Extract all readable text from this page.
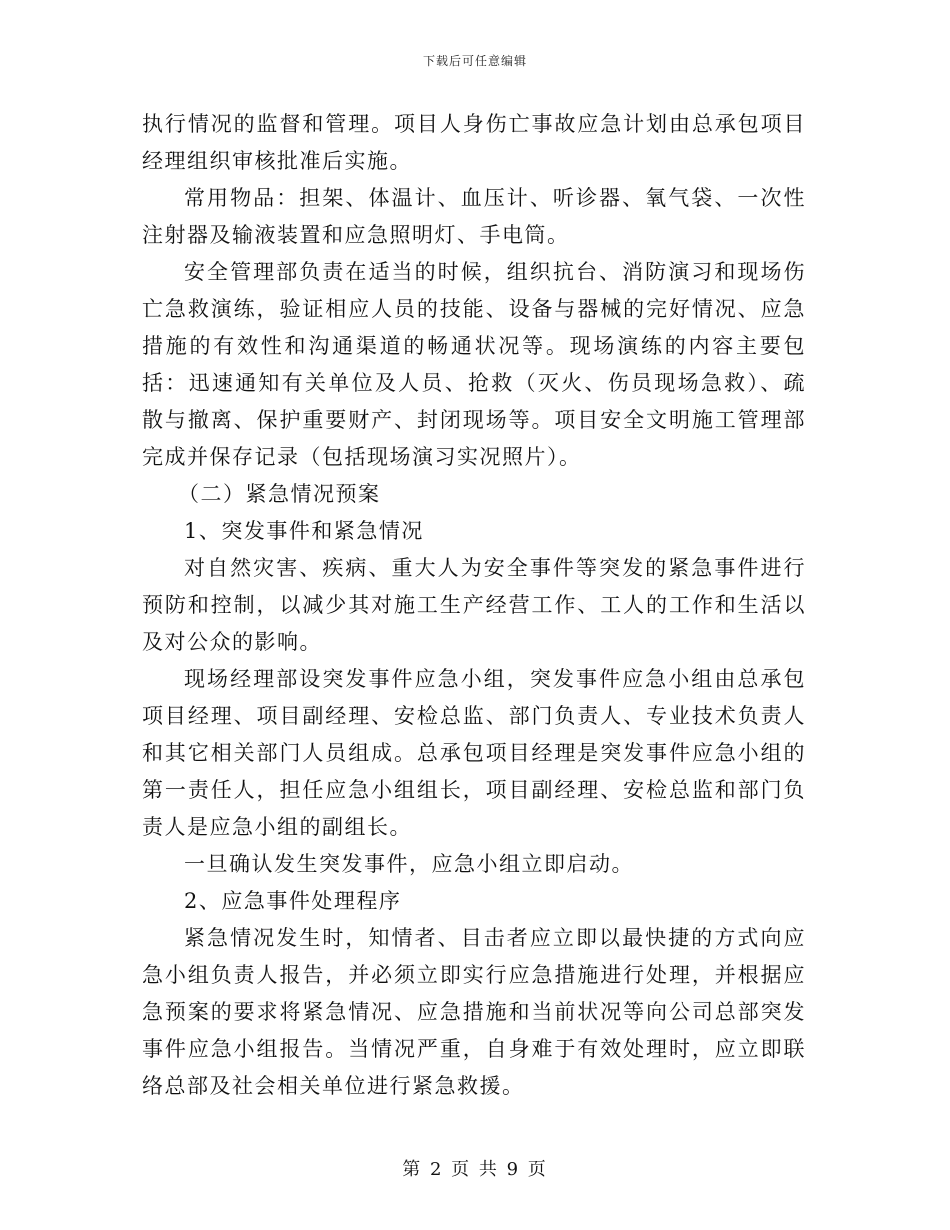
下载后可任意编辑

执行情况的监督和管理。项目人身伤亡事故应急计划由总承包项目经理组织审核批准后实施。

常用物品：担架、体温计、血压计、听诊器、氧气袋、一次性注射器及输液装置和应急照明灯、手电筒。

安全管理部负责在适当的时候，组织抗台、消防演习和现场伤亡急救演练，验证相应人员的技能、设备与器械的完好情况、应急措施的有效性和沟通渠道的畅通状况等。现场演练的内容主要包括：迅速通知有关单位及人员、抢救（灭火、伤员现场急救）、疏散与撤离、保护重要财产、封闭现场等。项目安全文明施工管理部完成并保存记录（包括现场演习实况照片）。

（二）紧急情况预案

1、突发事件和紧急情况

对自然灾害、疾病、重大人为安全事件等突发的紧急事件进行预防和控制，以减少其对施工生产经营工作、工人的工作和生活以及对公众的影响。

现场经理部设突发事件应急小组，突发事件应急小组由总承包项目经理、项目副经理、安检总监、部门负责人、专业技术负责人和其它相关部门人员组成。总承包项目经理是突发事件应急小组的第一责任人，担任应急小组组长，项目副经理、安检总监和部门负责人是应急小组的副组长。

一旦确认发生突发事件，应急小组立即启动。

2、应急事件处理程序

紧急情况发生时，知情者、目击者应立即以最快捷的方式向应急小组负责人报告，并必须立即实行应急措施进行处理，并根据应急预案的要求将紧急情况、应急措施和当前状况等向公司总部突发事件应急小组报告。当情况严重，自身难于有效处理时，应立即联络总部及社会相关单位进行紧急救援。

第 2 页 共 9 页
